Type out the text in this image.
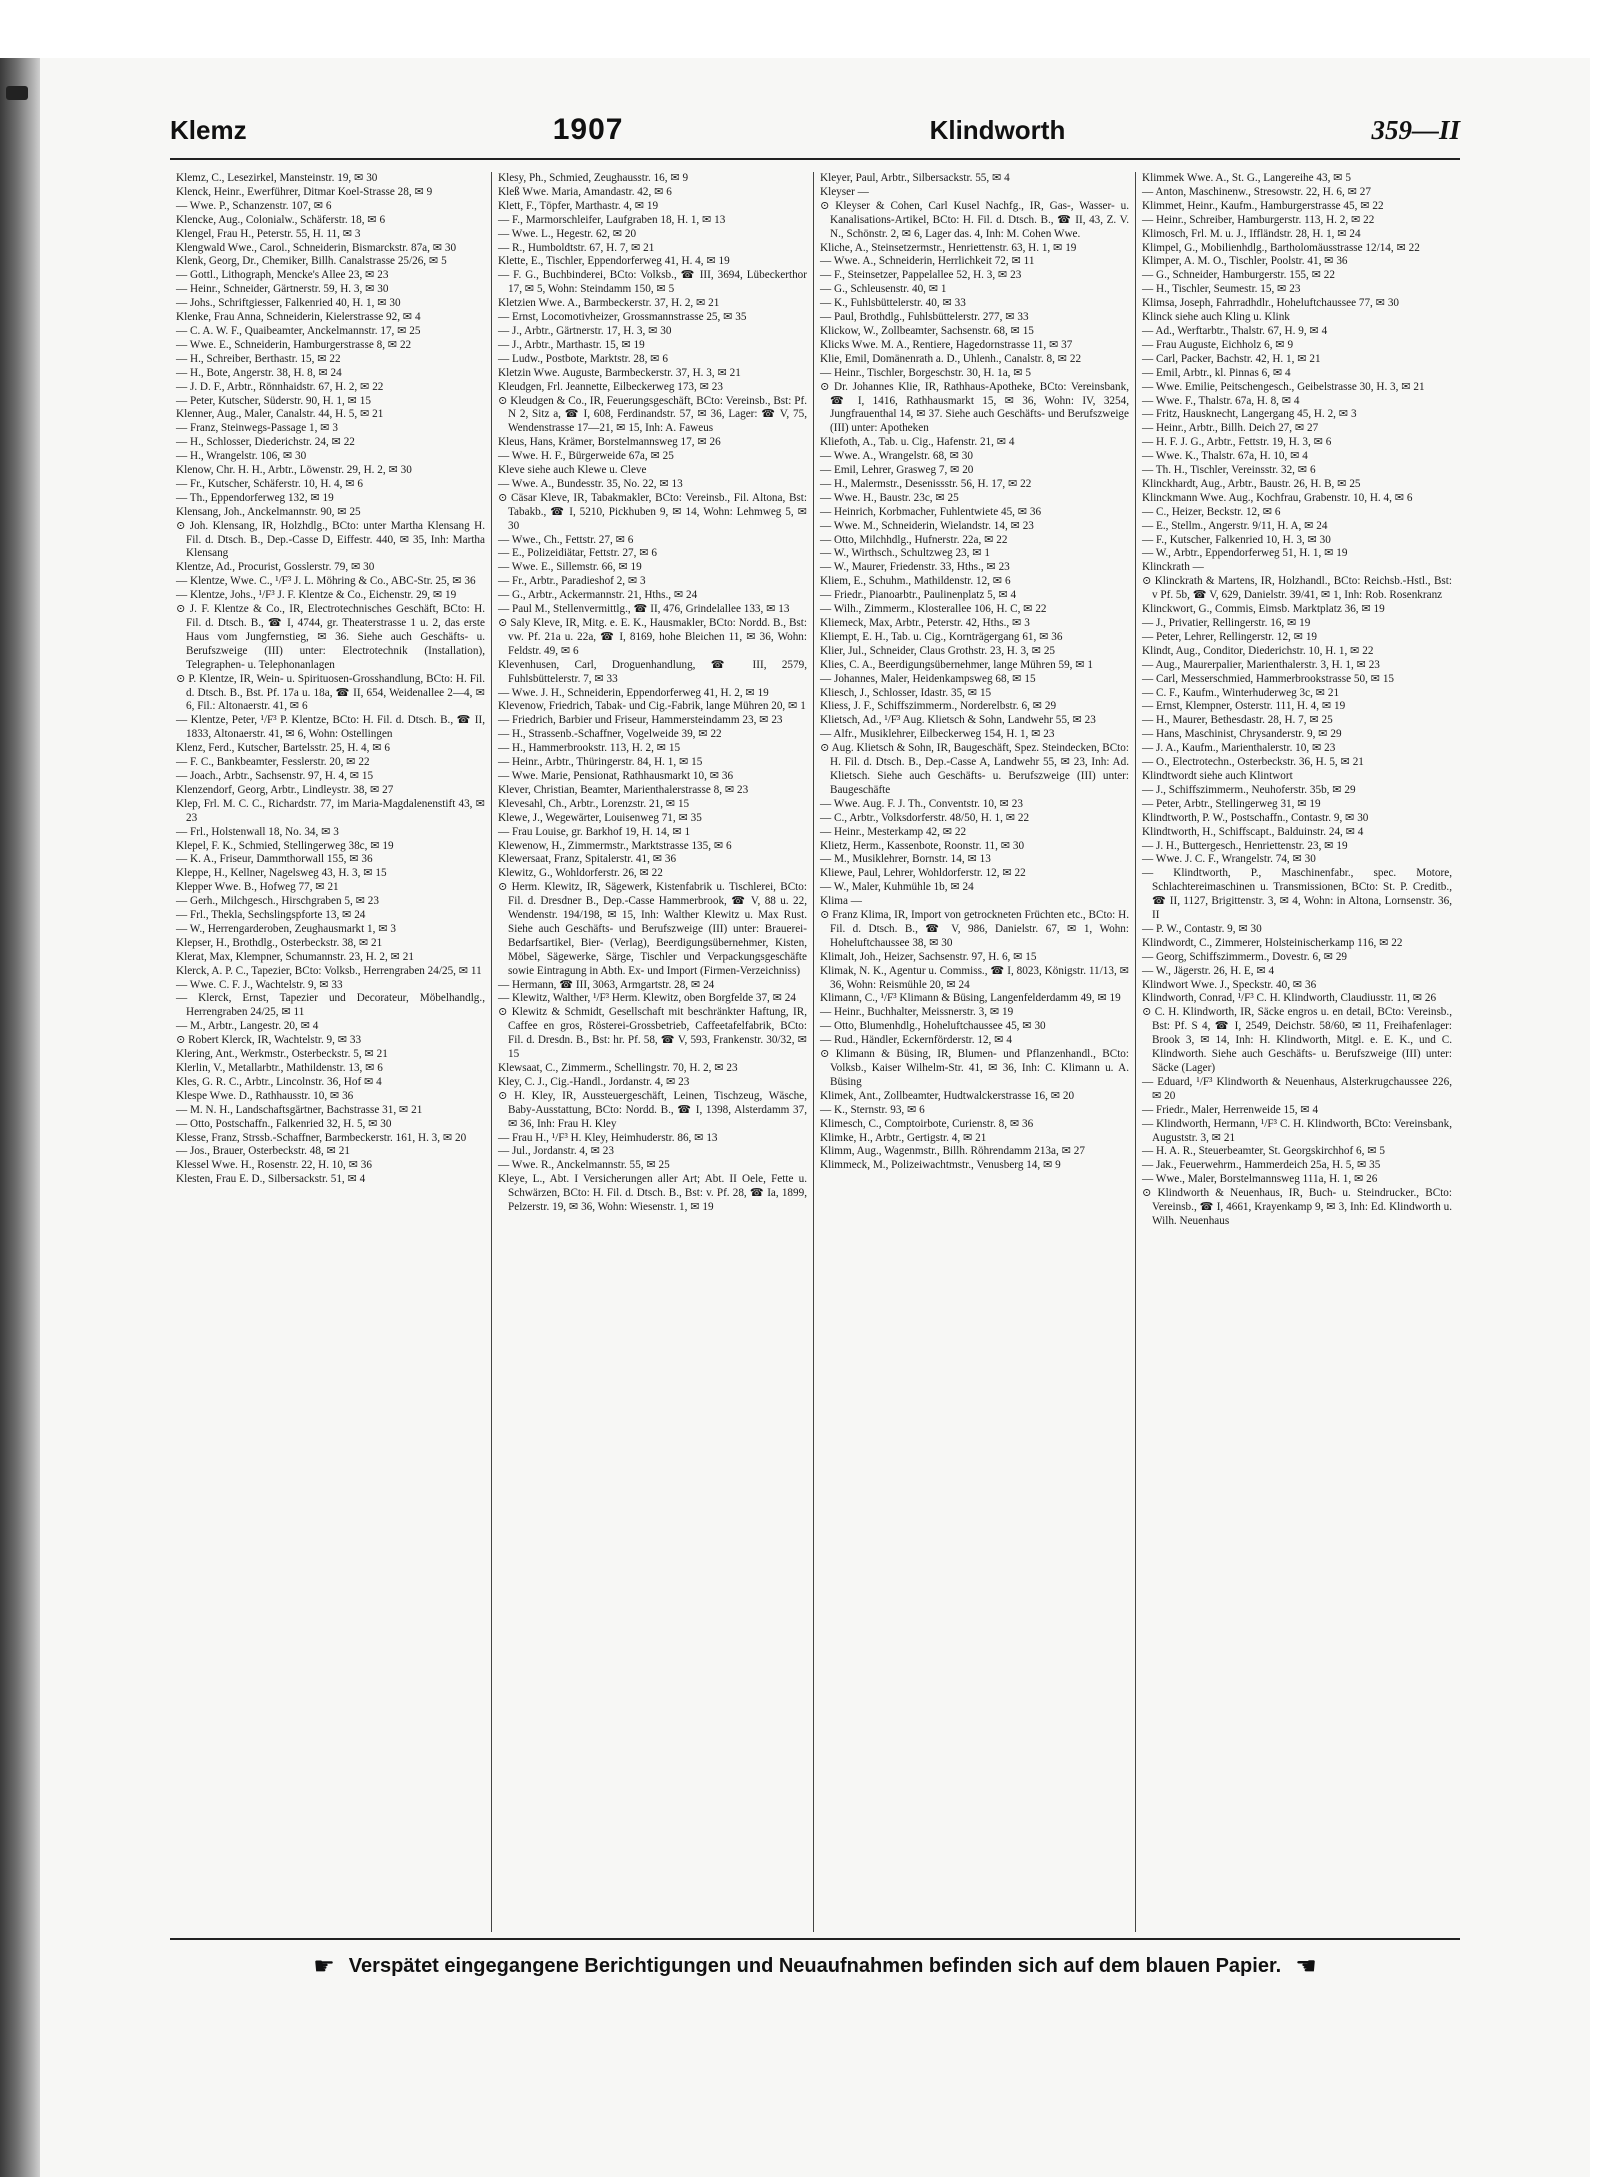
Klemz	1907	Klindworth	359—II

Klemz, C., Lesezirkel, Mansteinstr. 19, ✉ 30

Klenck, Heinr., Ewerführer, Ditmar Koel-Strasse 28, ✉ 9

— Wwe. P., Schanzenstr. 107, ✉ 6

Klencke, Aug., Colonialw., Schäferstr. 18, ✉ 6

Klengel, Frau H., Peterstr. 55, H. 11, ✉ 3

Klengwald Wwe., Carol., Schneiderin, Bismarckstr. 87a, ✉ 30

Klenk, Georg, Dr., Chemiker, Billh. Canalstrasse 25/26, ✉ 5

— Gottl., Lithograph, Mencke's Allee 23, ✉ 23

— Heinr., Schneider, Gärtnerstr. 59, H. 3, ✉ 30

— Johs., Schriftgiesser, Falkenried 40, H. 1, ✉ 30

Klenke, Frau Anna, Schneiderin, Kielerstrasse 92, ✉ 4

— C. A. W. F., Quaibeamter, Anckelmannstr. 17, ✉ 25

— Wwe. E., Schneiderin, Hamburgerstrasse 8, ✉ 22

— H., Schreiber, Berthastr. 15, ✉ 22

— H., Bote, Angerstr. 38, H. 8, ✉ 24

— J. D. F., Arbtr., Rönnhaidstr. 67, H. 2, ✉ 22

— Peter, Kutscher, Süderstr. 90, H. 1, ✉ 15

Klenner, Aug., Maler, Canalstr. 44, H. 5, ✉ 21

— Franz, Steinwegs-Passage 1, ✉ 3

— H., Schlosser, Diederichstr. 24, ✉ 22

— H., Wrangelstr. 106, ✉ 30

Klenow, Chr. H. H., Arbtr., Löwenstr. 29, H. 2, ✉ 30

— Fr., Kutscher, Schäferstr. 10, H. 4, ✉ 6

— Th., Eppendorferweg 132, ✉ 19

Klensang, Joh., Anckelmannstr. 90, ✉ 25

⊙ Joh. Klensang, IR, Holzhdlg., BCto: unter Martha Klensang H. Fil. d. Dtsch. B., Dep.-Casse D, Eiffestr. 440, ✉ 35, Inh: Martha Klensang

Klentze, Ad., Procurist, Gosslerstr. 79, ✉ 30

— Klentze, Wwe. C., ¹/F³ J. L. Möhring & Co., ABC-Str. 25, ✉ 36

— Klentze, Johs., ¹/F³ J. F. Klentze & Co., Eichenstr. 29, ✉ 19

⊙ J. F. Klentze & Co., IR, Electrotechnisches Geschäft, BCto: H. Fil. d. Dtsch. B., ☎ I, 4744, gr. Theaterstrasse 1 u. 2, das erste Haus vom Jungfernstieg, ✉ 36. Siehe auch Geschäfts- u. Berufszweige (III) unter: Electrotechnik (Installation), Telegraphen- u. Telephonanlagen

⊙ P. Klentze, IR, Wein- u. Spirituosen-Grosshandlung, BCto: H. Fil. d. Dtsch. B., Bst. Pf. 17a u. 18a, ☎ II, 654, Weidenallee 2—4, ✉ 6, Fil.: Altonaerstr. 41, ✉ 6

— Klentze, Peter, ¹/F³ P. Klentze, BCto: H. Fil. d. Dtsch. B., ☎ II, 1833, Altonaerstr. 41, ✉ 6, Wohn: Ostellingen

Klenz, Ferd., Kutscher, Bartelsstr. 25, H. 4, ✉ 6

— F. C., Bankbeamter, Fesslerstr. 20, ✉ 22

— Joach., Arbtr., Sachsenstr. 97, H. 4, ✉ 15

Klenzendorf, Georg, Arbtr., Lindleystr. 38, ✉ 27

Klep, Frl. M. C. C., Richardstr. 77, im Maria-Magdalenenstift 43, ✉ 23

— Frl., Holstenwall 18, No. 34, ✉ 3

Klepel, F. K., Schmied, Stellingerweg 38c, ✉ 19

— K. A., Friseur, Dammthorwall 155, ✉ 36

Kleppe, H., Kellner, Nagelsweg 43, H. 3, ✉ 15

Klepper Wwe. B., Hofweg 77, ✉ 21

— Gerh., Milchgesch., Hirschgraben 5, ✉ 23

— Frl., Thekla, Sechslingspforte 13, ✉ 24

— W., Herrengarderoben, Zeughausmarkt 1, ✉ 3

Klepser, H., Brothdlg., Osterbeckstr. 38, ✉ 21

Klerat, Max, Klempner, Schumannstr. 23, H. 2, ✉ 21

Klerck, A. P. C., Tapezier, BCto: Volksb., Herrengraben 24/25, ✉ 11

— Wwe. C. F. J., Wachtelstr. 9, ✉ 33

— Klerck, Ernst, Tapezier und Decorateur, Möbelhandlg., Herrengraben 24/25, ✉ 11

— M., Arbtr., Langestr. 20, ✉ 4

⊙ Robert Klerck, IR, Wachtelstr. 9, ✉ 33

Klering, Ant., Werkmstr., Osterbeckstr. 5, ✉ 21

Klerlin, V., Metallarbtr., Mathildenstr. 13, ✉ 6

Kles, G. R. C., Arbtr., Lincolnstr. 36, Hof ✉ 4

Klespe Wwe. D., Rathhausstr. 10, ✉ 36

— M. N. H., Landschaftsgärtner, Bachstrasse 31, ✉ 21

— Otto, Postschaffn., Falkenried 32, H. 5, ✉ 30

Klesse, Franz, Strssb.-Schaffner, Barmbeckerstr. 161, H. 3, ✉ 20

— Jos., Brauer, Osterbeckstr. 48, ✉ 21

Klessel Wwe. H., Rosenstr. 22, H. 10, ✉ 36

Klesten, Frau E. D., Silbersackstr. 51, ✉ 4

Klesy, Ph., Schmied, Zeughausstr. 16, ✉ 9

Kleß Wwe. Maria, Amandastr. 42, ✉ 6

Klett, F., Töpfer, Marthastr. 4, ✉ 19

— F., Marmorschleifer, Laufgraben 18, H. 1, ✉ 13

— Wwe. L., Hegestr. 62, ✉ 20

— R., Humboldtstr. 67, H. 7, ✉ 21

Klette, E., Tischler, Eppendorferweg 41, H. 4, ✉ 19

— F. G., Buchbinderei, BCto: Volksb., ☎ III, 3694, Lübeckerthor 17, ✉ 5, Wohn: Steindamm 150, ✉ 5

Kletzien Wwe. A., Barmbeckerstr. 37, H. 2, ✉ 21

— Ernst, Locomotivheizer, Grossmannstrasse 25, ✉ 35

— J., Arbtr., Gärtnerstr. 17, H. 3, ✉ 30

— J., Arbtr., Marthastr. 15, ✉ 19

— Ludw., Postbote, Marktstr. 28, ✉ 6

Kletzin Wwe. Auguste, Barmbeckerstr. 37, H. 3, ✉ 21

Kleudgen, Frl. Jeannette, Eilbeckerweg 173, ✉ 23

⊙ Kleudgen & Co., IR, Feuerungsgeschäft, BCto: Vereinsb., Bst: Pf. N 2, Sitz a, ☎ I, 608, Ferdinandstr. 57, ✉ 36, Lager: ☎ V, 75, Wendenstrasse 17—21, ✉ 15, Inh: A. Faweus

Kleus, Hans, Krämer, Borstelmannsweg 17, ✉ 26

— Wwe. H. F., Bürgerweide 67a, ✉ 25

Kleve siehe auch Klewe u. Cleve

— Wwe. A., Bundesstr. 35, No. 22, ✉ 13

⊙ Cäsar Kleve, IR, Tabakmakler, BCto: Vereinsb., Fil. Altona, Bst: Tabakb., ☎ I, 5210, Pickhuben 9, ✉ 14, Wohn: Lehmweg 5, ✉ 30

— Wwe., Ch., Fettstr. 27, ✉ 6

— E., Polizeidiätar, Fettstr. 27, ✉ 6

— Wwe. E., Sillemstr. 66, ✉ 19

— Fr., Arbtr., Paradieshof 2, ✉ 3

— G., Arbtr., Ackermannstr. 21, Hths., ✉ 24

— Paul M., Stellenvermittlg., ☎ II, 476, Grindelallee 133, ✉ 13

⊙ Saly Kleve, IR, Mitg. e. E. K., Hausmakler, BCto: Nordd. B., Bst: vw. Pf. 21a u. 22a, ☎ I, 8169, hohe Bleichen 11, ✉ 36, Wohn: Feldstr. 49, ✉ 6

Klevenhusen, Carl, Droguenhandlung, ☎ III, 2579, Fuhlsbüttelerstr. 7, ✉ 33

— Wwe. J. H., Schneiderin, Eppendorferweg 41, H. 2, ✉ 19

Klevenow, Friedrich, Tabak- und Cig.-Fabrik, lange Mühren 20, ✉ 1

— Friedrich, Barbier und Friseur, Hammersteindamm 23, ✉ 23

— H., Strassenb.-Schaffner, Vogelweide 39, ✉ 22

— H., Hammerbrookstr. 113, H. 2, ✉ 15

— Heinr., Arbtr., Thüringerstr. 84, H. 1, ✉ 15

— Wwe. Marie, Pensionat, Rathhausmarkt 10, ✉ 36

Klever, Christian, Beamter, Marienthalerstrasse 8, ✉ 23

Klevesahl, Ch., Arbtr., Lorenzstr. 21, ✉ 15

Klewe, J., Wegewärter, Louisenweg 71, ✉ 35

— Frau Louise, gr. Barkhof 19, H. 14, ✉ 1

Klewenow, H., Zimmermstr., Marktstrasse 135, ✉ 6

Klewersaat, Franz, Spitalerstr. 41, ✉ 36

Klewitz, G., Wohldorferstr. 26, ✉ 22

⊙ Herm. Klewitz, IR, Sägewerk, Kistenfabrik u. Tischlerei, BCto: Fil. d. Dresdner B., Dep.-Casse Hammerbrook, ☎ V, 88 u. 22, Wendenstr. 194/198, ✉ 15, Inh: Walther Klewitz u. Max Rust. Siehe auch Geschäfts- und Berufszweige (III) unter: Brauerei-Bedarfsartikel, Bier- (Verlag), Beerdigungsübernehmer, Kisten, Möbel, Sägewerke, Särge, Tischler und Verpackungsgeschäfte sowie Eintragung in Abth. Ex- und Import (Firmen-Verzeichniss)

— Hermann, ☎ III, 3063, Armgartstr. 28, ✉ 24

— Klewitz, Walther, ¹/F³ Herm. Klewitz, oben Borgfelde 37, ✉ 24

⊙ Klewitz & Schmidt, Gesellschaft mit beschränkter Haftung, IR, Caffee en gros, Rösterei-Grossbetrieb, Caffeetafelfabrik, BCto: Fil. d. Dresdn. B., Bst: hr. Pf. 58, ☎ V, 593, Frankenstr. 30/32, ✉ 15

Klewsaat, C., Zimmerm., Schellingstr. 70, H. 2, ✉ 23

Kley, C. J., Cig.-Handl., Jordanstr. 4, ✉ 23

⊙ H. Kley, IR, Aussteuergeschäft, Leinen, Tischzeug, Wäsche, Baby-Ausstattung, BCto: Nordd. B., ☎ I, 1398, Alsterdamm 37, ✉ 36, Inh: Frau H. Kley

— Frau H., ¹/F³ H. Kley, Heimhuderstr. 86, ✉ 13

— Jul., Jordanstr. 4, ✉ 23

— Wwe. R., Anckelmannstr. 55, ✉ 25

Kleye, L., Abt. I Versicherungen aller Art; Abt. II Oele, Fette u. Schwärzen, BCto: H. Fil. d. Dtsch. B., Bst: v. Pf. 28, ☎ Ia, 1899, Pelzerstr. 19, ✉ 36, Wohn: Wiesenstr. 1, ✉ 19

Kleyer, Paul, Arbtr., Silbersackstr. 55, ✉ 4

Kleyser —

⊙ Kleyser & Cohen, Carl Kusel Nachfg., IR, Gas-, Wasser- u. Kanalisations-Artikel, BCto: H. Fil. d. Dtsch. B., ☎ II, 43, Z. V. N., Schönstr. 2, ✉ 6, Lager das. 4, Inh: M. Cohen Wwe.

Kliche, A., Steinsetzermstr., Henriettenstr. 63, H. 1, ✉ 19

— Wwe. A., Schneiderin, Herrlichkeit 72, ✉ 11

— F., Steinsetzer, Pappelallee 52, H. 3, ✉ 23

— G., Schleusenstr. 40, ✉ 1

— K., Fuhlsbüttelerstr. 40, ✉ 33

— Paul, Brothdlg., Fuhlsbüttelerstr. 277, ✉ 33

Klickow, W., Zollbeamter, Sachsenstr. 68, ✉ 15

Klicks Wwe. M. A., Rentiere, Hagedornstrasse 11, ✉ 37

Klie, Emil, Domänenrath a. D., Uhlenh., Canalstr. 8, ✉ 22

— Heinr., Tischler, Borgeschstr. 30, H. 1a, ✉ 5

⊙ Dr. Johannes Klie, IR, Rathhaus-Apotheke, BCto: Vereinsbank, ☎ I, 1416, Rathhausmarkt 15, ✉ 36, Wohn: IV, 3254, Jungfrauenthal 14, ✉ 37. Siehe auch Geschäfts- und Berufszweige (III) unter: Apotheken

Kliefoth, A., Tab. u. Cig., Hafenstr. 21, ✉ 4

— Wwe. A., Wrangelstr. 68, ✉ 30

— Emil, Lehrer, Grasweg 7, ✉ 20

— H., Malermstr., Desenissstr. 56, H. 17, ✉ 22

— Wwe. H., Baustr. 23c, ✉ 25

— Heinrich, Korbmacher, Fuhlentwiete 45, ✉ 36

— Wwe. M., Schneiderin, Wielandstr. 14, ✉ 23

— Otto, Milchhdlg., Hufnerstr. 22a, ✉ 22

— W., Wirthsch., Schultzweg 23, ✉ 1

— W., Maurer, Friedenstr. 33, Hths., ✉ 23

Kliem, E., Schuhm., Mathildenstr. 12, ✉ 6

— Friedr., Pianoarbtr., Paulinenplatz 5, ✉ 4

— Wilh., Zimmerm., Klosterallee 106, H. C, ✉ 22

Kliemeck, Max, Arbtr., Peterstr. 42, Hths., ✉ 3

Kliempt, E. H., Tab. u. Cig., Kornträgergang 61, ✉ 36

Klier, Jul., Schneider, Claus Grothstr. 23, H. 3, ✉ 25

Klies, C. A., Beerdigungsübernehmer, lange Mühren 59, ✉ 1

— Johannes, Maler, Heidenkampsweg 68, ✉ 15

Kliesch, J., Schlosser, Idastr. 35, ✉ 15

Kliess, J. F., Schiffszimmerm., Norderelbstr. 6, ✉ 29

Klietsch, Ad., ¹/F³ Aug. Klietsch & Sohn, Landwehr 55, ✉ 23

— Alfr., Musiklehrer, Eilbeckerweg 154, H. 1, ✉ 23

⊙ Aug. Klietsch & Sohn, IR, Baugeschäft, Spez. Steindecken, BCto: H. Fil. d. Dtsch. B., Dep.-Casse A, Landwehr 55, ✉ 23, Inh: Ad. Klietsch. Siehe auch Geschäfts- u. Berufszweige (III) unter: Baugeschäfte

— Wwe. Aug. F. J. Th., Conventstr. 10, ✉ 23

— C., Arbtr., Volksdorferstr. 48/50, H. 1, ✉ 22

— Heinr., Mesterkamp 42, ✉ 22

Klietz, Herm., Kassenbote, Roonstr. 11, ✉ 30

— M., Musiklehrer, Bornstr. 14, ✉ 13

Kliewe, Paul, Lehrer, Wohldorferstr. 12, ✉ 22

— W., Maler, Kuhmühle 1b, ✉ 24

Klima —

⊙ Franz Klima, IR, Import von getrockneten Früchten etc., BCto: H. Fil. d. Dtsch. B., ☎ V, 986, Danielstr. 67, ✉ 1, Wohn: Hoheluftchaussee 38, ✉ 30

Klimalt, Joh., Heizer, Sachsenstr. 97, H. 6, ✉ 15

Klimak, N. K., Agentur u. Commiss., ☎ I, 8023, Königstr. 11/13, ✉ 36, Wohn: Reismühle 20, ✉ 24

Klimann, C., ¹/F³ Klimann & Büsing, Langenfelderdamm 49, ✉ 19

— Heinr., Buchhalter, Meissnerstr. 3, ✉ 19

— Otto, Blumenhdlg., Hoheluftchaussee 45, ✉ 30

— Rud., Händler, Eckernförderstr. 12, ✉ 4

⊙ Klimann & Büsing, IR, Blumen- und Pflanzenhandl., BCto: Volksb., Kaiser Wilhelm-Str. 41, ✉ 36, Inh: C. Klimann u. A. Büsing

Klimek, Ant., Zollbeamter, Hudtwalckerstrasse 16, ✉ 20

— K., Sternstr. 93, ✉ 6

Klimesch, C., Comptoirbote, Curienstr. 8, ✉ 36

Klimke, H., Arbtr., Gertigstr. 4, ✉ 21

Klimm, Aug., Wagenmstr., Billh. Röhrendamm 213a, ✉ 27

Klimmeck, M., Polizeiwachtmstr., Venusberg 14, ✉ 9

Klimmek Wwe. A., St. G., Langereihe 43, ✉ 5

— Anton, Maschinenw., Stresowstr. 22, H. 6, ✉ 27

Klimmet, Heinr., Kaufm., Hamburgerstrasse 45, ✉ 22

— Heinr., Schreiber, Hamburgerstr. 113, H. 2, ✉ 22

Klimosch, Frl. M. u. J., Iffländstr. 28, H. 1, ✉ 24

Klimpel, G., Mobilienhdlg., Bartholomäusstrasse 12/14, ✉ 22

Klimper, A. M. O., Tischler, Poolstr. 41, ✉ 36

— G., Schneider, Hamburgerstr. 155, ✉ 22

— H., Tischler, Seumestr. 15, ✉ 23

Klimsa, Joseph, Fahrradhdlr., Hoheluftchaussee 77, ✉ 30

Klinck siehe auch Kling u. Klink

— Ad., Werftarbtr., Thalstr. 67, H. 9, ✉ 4

— Frau Auguste, Eichholz 6, ✉ 9

— Carl, Packer, Bachstr. 42, H. 1, ✉ 21

— Emil, Arbtr., kl. Pinnas 6, ✉ 4

— Wwe. Emilie, Peitschengesch., Geibelstrasse 30, H. 3, ✉ 21

— Wwe. F., Thalstr. 67a, H. 8, ✉ 4

— Fritz, Hausknecht, Langergang 45, H. 2, ✉ 3

— Heinr., Arbtr., Billh. Deich 27, ✉ 27

— H. F. J. G., Arbtr., Fettstr. 19, H. 3, ✉ 6

— Wwe. K., Thalstr. 67a, H. 10, ✉ 4

— Th. H., Tischler, Vereinsstr. 32, ✉ 6

Klinckhardt, Aug., Arbtr., Baustr. 26, H. B, ✉ 25

Klinckmann Wwe. Aug., Kochfrau, Grabenstr. 10, H. 4, ✉ 6

— C., Heizer, Beckstr. 12, ✉ 6

— E., Stellm., Angerstr. 9/11, H. A, ✉ 24

— F., Kutscher, Falkenried 10, H. 3, ✉ 30

— W., Arbtr., Eppendorferweg 51, H. 1, ✉ 19

Klinckrath —

⊙ Klinckrath & Martens, IR, Holzhandl., BCto: Reichsb.-Hstl., Bst: v Pf. 5b, ☎ V, 629, Danielstr. 39/41, ✉ 1, Inh: Rob. Rosenkranz

Klinckwort, G., Commis, Eimsb. Marktplatz 36, ✉ 19

— J., Privatier, Rellingerstr. 16, ✉ 19

— Peter, Lehrer, Rellingerstr. 12, ✉ 19

Klindt, Aug., Conditor, Diederichstr. 10, H. 1, ✉ 22

— Aug., Maurerpalier, Marienthalerstr. 3, H. 1, ✉ 23

— Carl, Messerschmied, Hammerbrookstrasse 50, ✉ 15

— C. F., Kaufm., Winterhuderweg 3c, ✉ 21

— Ernst, Klempner, Osterstr. 111, H. 4, ✉ 19

— H., Maurer, Bethesdastr. 28, H. 7, ✉ 25

— Hans, Maschinist, Chrysanderstr. 9, ✉ 29

— J. A., Kaufm., Marienthalerstr. 10, ✉ 23

— O., Electrotechn., Osterbeckstr. 36, H. 5, ✉ 21

Klindtwordt siehe auch Klintwort

— J., Schiffszimmerm., Neuhoferstr. 35b, ✉ 29

— Peter, Arbtr., Stellingerweg 31, ✉ 19

Klindtworth, P. W., Postschaffn., Contastr. 9, ✉ 30

Klindtworth, H., Schiffscapt., Balduinstr. 24, ✉ 4

— J. H., Buttergesch., Henriettenstr. 23, ✉ 19

— Wwe. J. C. F., Wrangelstr. 74, ✉ 30

— Klindtworth, P., Maschinenfabr., spec. Motore, Schlachtereimaschinen u. Transmissionen, BCto: St. P. Creditb., ☎ II, 1127, Brigittenstr. 3, ✉ 4, Wohn: in Altona, Lornsenstr. 36, II

— P. W., Contastr. 9, ✉ 30

Klindwordt, C., Zimmerer, Holsteinischerkamp 116, ✉ 22

— Georg, Schiffszimmerm., Dovestr. 6, ✉ 29

— W., Jägerstr. 26, H. E, ✉ 4

Klindwort Wwe. J., Speckstr. 40, ✉ 36

Klindworth, Conrad, ¹/F³ C. H. Klindworth, Claudiusstr. 11, ✉ 26

⊙ C. H. Klindworth, IR, Säcke engros u. en detail, BCto: Vereinsb., Bst: Pf. S 4, ☎ I, 2549, Deichstr. 58/60, ✉ 11, Freihafenlager: Brook 3, ✉ 14, Inh: H. Klindworth, Mitgl. e. E. K., und C. Klindworth. Siehe auch Geschäfts- u. Berufszweige (III) unter: Säcke (Lager)

— Eduard, ¹/F³ Klindworth & Neuenhaus, Alsterkrugchaussee 226, ✉ 20

— Friedr., Maler, Herrenweide 15, ✉ 4

— Klindworth, Hermann, ¹/F³ C. H. Klindworth, BCto: Vereinsbank, Auguststr. 3, ✉ 21

— H. A. R., Steuerbeamter, St. Georgskirchhof 6, ✉ 5

— Jak., Feuerwehrm., Hammerdeich 25a, H. 5, ✉ 35

— Wwe., Maler, Borstelmannsweg 111a, H. 1, ✉ 26

⊙ Klindworth & Neuenhaus, IR, Buch- u. Steindrucker., BCto: Vereinsb., ☎ I, 4661, Krayenkamp 9, ✉ 3, Inh: Ed. Klindworth u. Wilh. Neuenhaus

☛ Verspätet eingegangene Berichtigungen und Neuaufnahmen befinden sich auf dem blauen Papier. ☚
